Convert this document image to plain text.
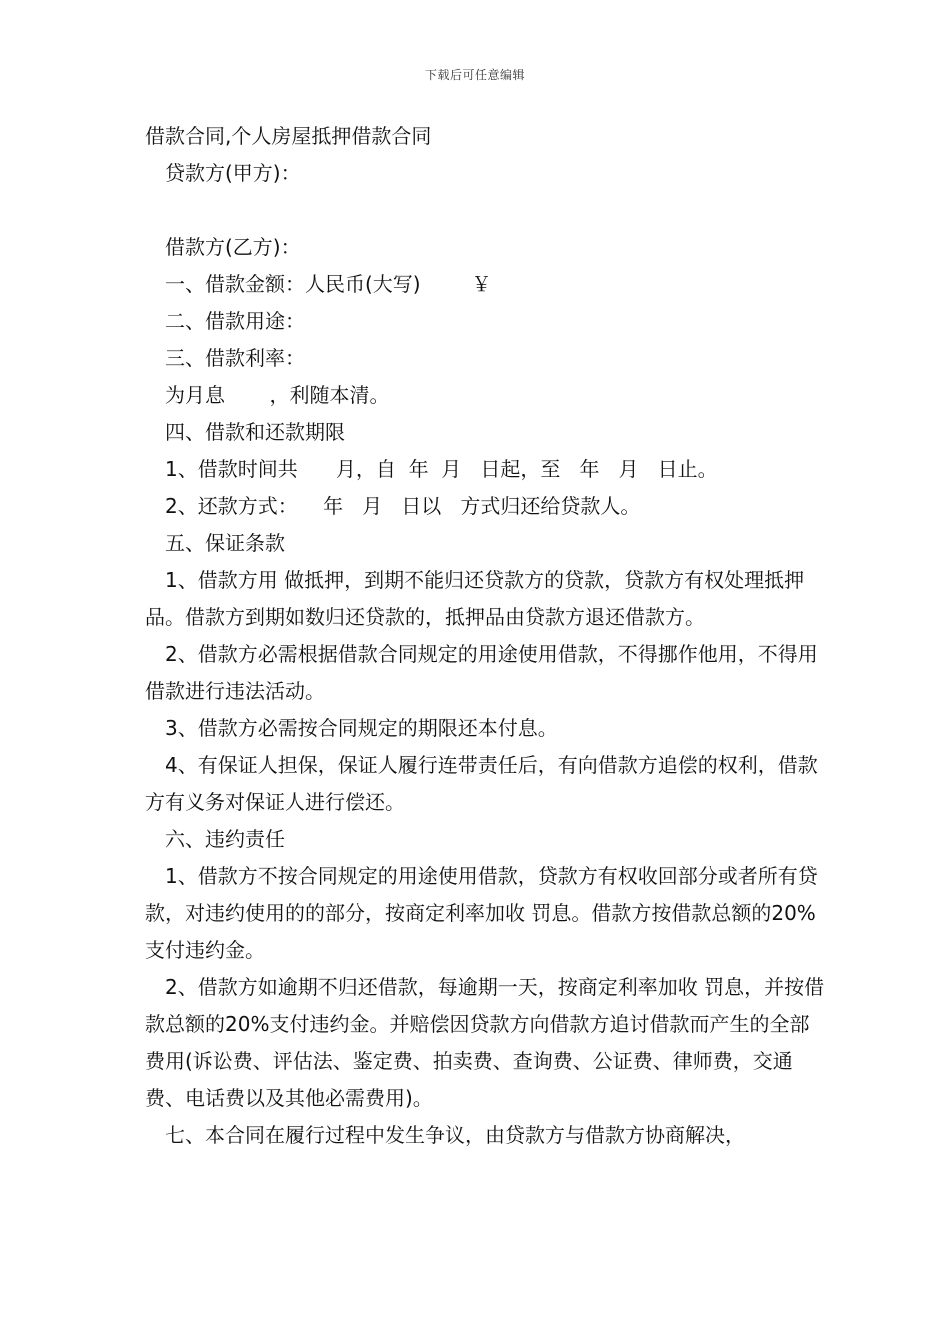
下载后可任意编辑

借款合同,个人房屋抵押借款合同

贷款方(甲方)：

借款方(乙方)：

一、借款金额：人民币(大写)        ￥

二、借款用途：

三、借款利率：

为月息       ，利随本清。

四、借款和还款期限

1、借款时间共      月，自  年  月   日起，至   年   月   日止。

2、还款方式：    年   月   日以   方式归还给贷款人。

五、保证条款

1、借款方用 做抵押，到期不能归还贷款方的贷款，贷款方有权处理抵押品。借款方到期如数归还贷款的，抵押品由贷款方退还借款方。

2、借款方必需根据借款合同规定的用途使用借款，不得挪作他用，不得用借款进行违法活动。

3、借款方必需按合同规定的期限还本付息。

4、有保证人担保，保证人履行连带责任后，有向借款方追偿的权利，借款方有义务对保证人进行偿还。

六、违约责任

1、借款方不按合同规定的用途使用借款，贷款方有权收回部分或者所有贷款，对违约使用的的部分，按商定利率加收 罚息。借款方按借款总额的20%支付违约金。

2、借款方如逾期不归还借款，每逾期一天，按商定利率加收 罚息，并按借款总额的20%支付违约金。并赔偿因贷款方向借款方追讨借款而产生的全部费用(诉讼费、评估法、鉴定费、拍卖费、查询费、公证费、律师费，交通费、电话费以及其他必需费用)。

七、本合同在履行过程中发生争议，由贷款方与借款方协商解决，
